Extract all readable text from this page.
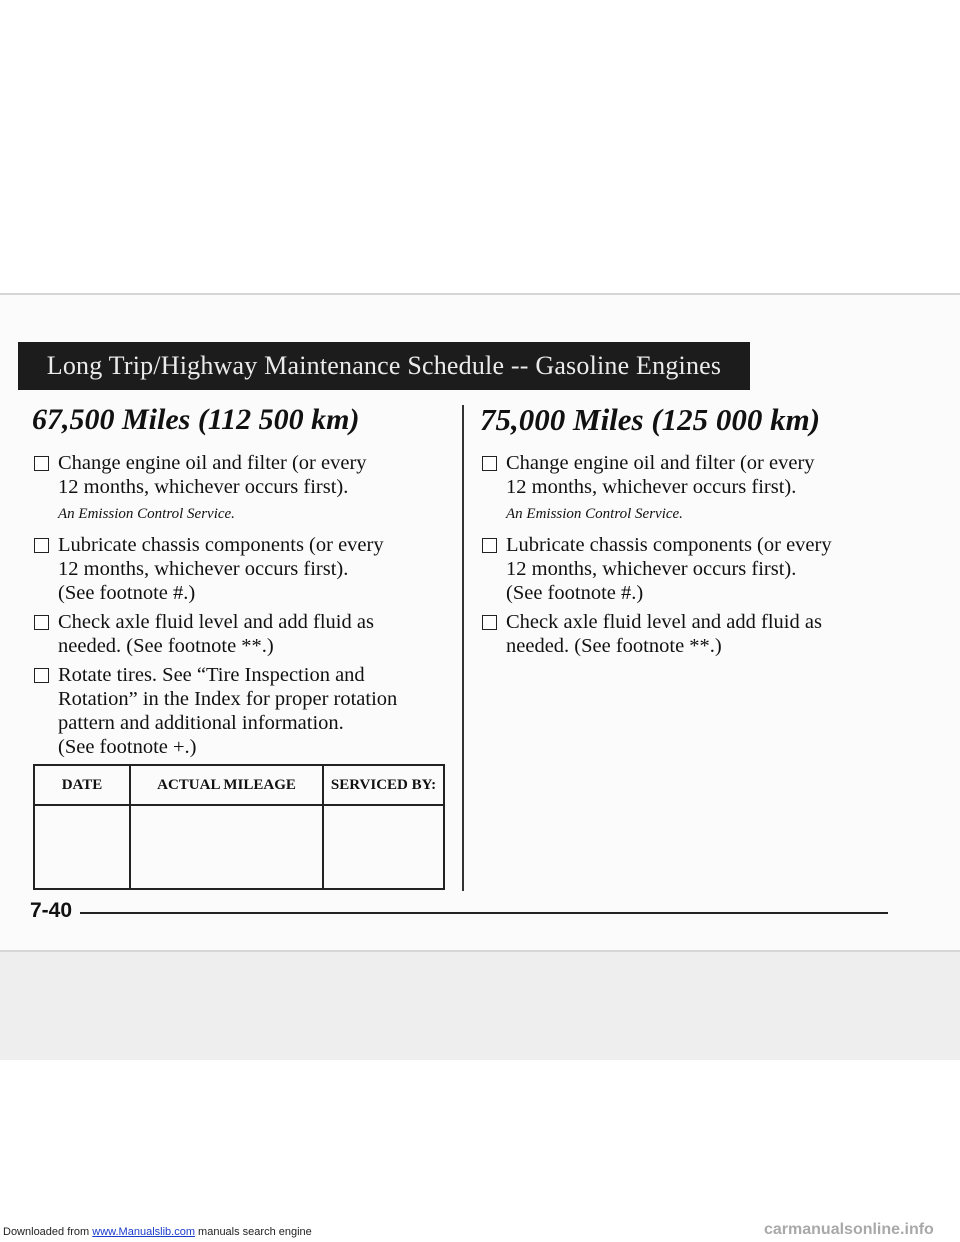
Long Trip/Highway Maintenance Schedule -- Gasoline Engines
67,500 Miles (112 500 km)
Change engine oil and filter (or every
12 months, whichever occurs first).
An Emission Control Service.
Lubricate chassis components (or every
12 months, whichever occurs first).
(See footnote #.)
Check axle fluid level and add fluid as
needed. (See footnote **.)
Rotate tires. See “Tire Inspection and
Rotation” in the Index for proper rotation
pattern and additional information.
(See footnote +.)
75,000 Miles (125 000 km)
Change engine oil and filter (or every
12 months, whichever occurs first).
An Emission Control Service.
Lubricate chassis components (or every
12 months, whichever occurs first).
(See footnote #.)
Check axle fluid level and add fluid as
needed. (See footnote **.)
DATE	ACTUAL MILEAGE	SERVICED BY:

7-40
Downloaded from www.Manualslib.com manuals search engine	carmanualsonline.info
